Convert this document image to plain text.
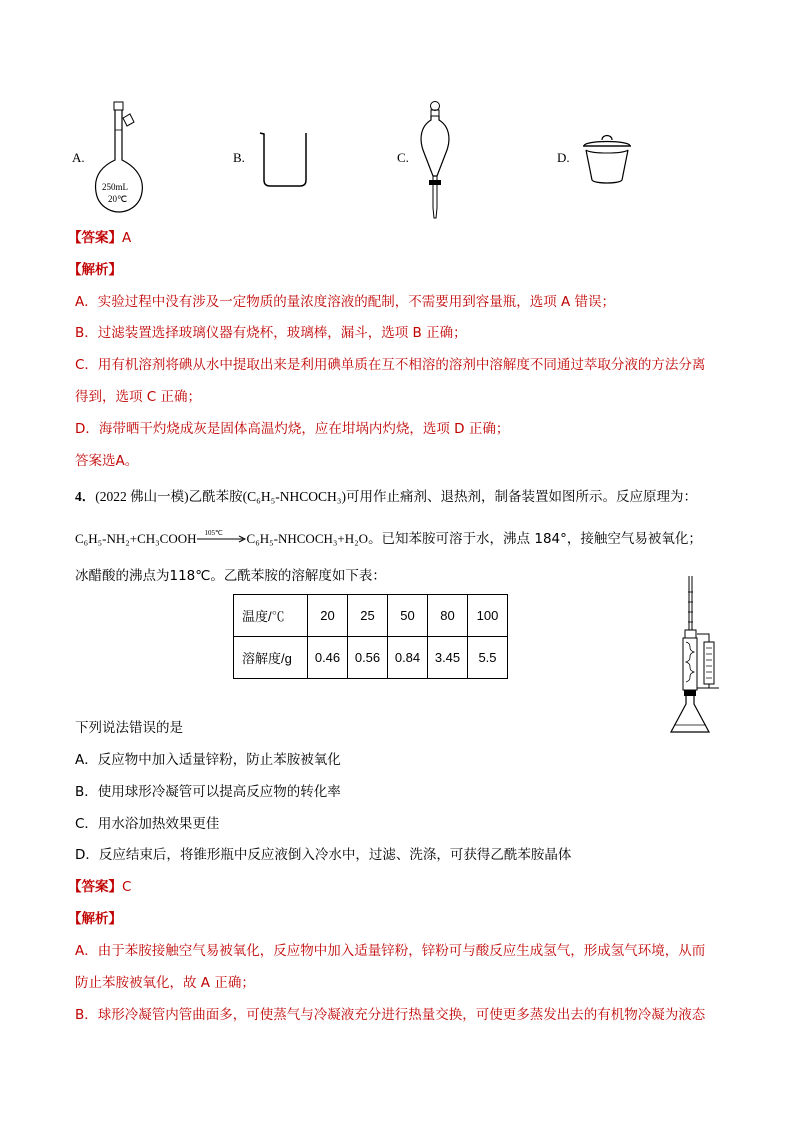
A.
250mL
20℃
B.	C.	D.
【答案】A
【解析】
A．实验过程中没有涉及一定物质的量浓度溶液的配制，不需要用到容量瓶，选项 A 错误；
B．过滤装置选择玻璃仪器有烧杯，玻璃棒，漏斗，选项 B 正确；
C．用有机溶剂将碘从水中提取出来是利用碘单质在互不相溶的溶剂中溶解度不同通过萃取分液的方法分离
得到，选项 C 正确；
D．海带晒干灼烧成灰是固体高温灼烧，应在坩埚内灼烧，选项 D 正确；
答案选A。
4．(2022 佛山一模)乙酰苯胺(C₆H₅-NHCOCH₃)可用作止痛剂、退热剂，制备装置如图所示。反应原理为：
C₆H₅-NH₂+CH₃COOH 105℃ C₆H₅-NHCOCH₃+H₂O。已知苯胺可溶于水，沸点 184°，接触空气易被氧化；
冰醋酸的沸点为118℃。乙酰苯胺的溶解度如下表：
温度/℃	20	25	50	80	100
溶解度/g	0.46	0.56	0.84	3.45	5.5
下列说法错误的是
A．反应物中加入适量锌粉，防止苯胺被氧化
B．使用球形冷凝管可以提高反应物的转化率
C．用水浴加热效果更佳
D．反应结束后，将锥形瓶中反应液倒入冷水中，过滤、洗涤，可获得乙酰苯胺晶体
【答案】C
【解析】
A．由于苯胺接触空气易被氧化，反应物中加入适量锌粉，锌粉可与酸反应生成氢气，形成氢气环境，从而
防止苯胺被氧化，故 A 正确；
B．球形冷凝管内管曲面多，可使蒸气与冷凝液充分进行热量交换，可使更多蒸发出去的有机物冷凝为液态
